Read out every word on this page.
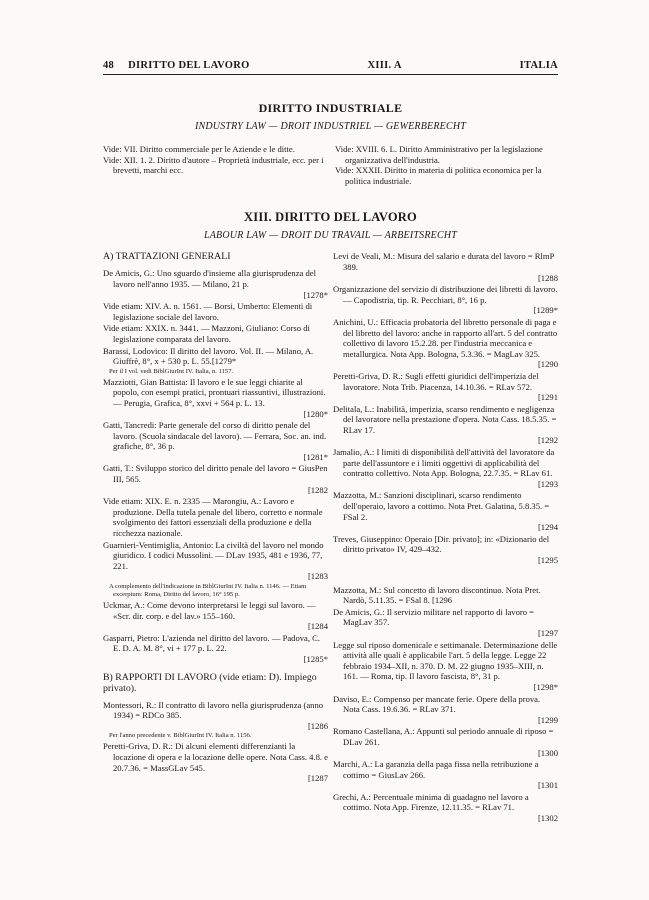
48 DIRITTO DEL LAVORO	XIII. A	ITALIA
DIRITTO INDUSTRIALE
INDUSTRY LAW — DROIT INDUSTRIEL — GEWERBERECHT

Vide: VII. Diritto commerciale per le Aziende e le ditte.

Vide: XII. 1. 2. Diritto d'autore – Proprietà industriale, ecc. per i brevetti, marchi ecc.

Vide: XVIII. 6. L. Diritto Amministrativo per la legislazione organizzativa dell'industria.

Vide: XXXII. Diritto in materia di politica economica per la politica industriale.

XIII. DIRITTO DEL LAVORO
LABOUR LAW — DROIT DU TRAVAIL — ARBEITSRECHT

A) TRATTAZIONI GENERALI

De Amicis, G.: Uno sguardo d'insieme alla giurisprudenza del lavoro nell'anno 1935. — Milano, 21 p.
[1278*

Vide etiam: XIV. A. n. 1561. — Borsi, Umberto: Elementi di legislazione sociale del lavoro.

Vide etiam: XXIX. n. 3441. — Mazzoni, Giuliano: Corso di legislazione comparata del lavoro.

Barassi, Lodovico: Il diritto del lavoro. Vol. II. — Milano, A. Giuffrè, 8°, x + 530 p. L. 55.[1279*

Per il I vol. vedi BiblGiurInt IV. Italia, n. 1157.

Mazziotti, Gian Battista: Il lavoro e le sue leggi chiarite al popolo, con esempi pratici, prontuari riassuntivi, illustrazioni. — Perugia, Grafica, 8°, xxvi + 564 p. L. 13.
[1280*

Gatti, Tancredi: Parte generale del corso di diritto penale del lavoro. (Scuola sindacale del lavoro). — Ferrara, Soc. an. ind. grafiche, 8°, 36 p.
[1281*

Gatti, T.: Sviluppo storico del diritto penale del lavoro = GiusPen III, 565.
[1282

Vide etiam: XIX. E. n. 2335 — Marongiu, A.: Lavoro e produzione. Della tutela penale del libero, corretto e normale svolgimento dei fattori essenziali della produzione e della ricchezza nazionale.

Guarnieri-Ventimiglia, Antonio: La civiltà del lavoro nel mondo giuridico. I codici Mussolini. — DLav 1935, 481 e 1936, 77, 221.
[1283

A complemento dell'indicazione in BiblGiurInt IV. Italia n. 1146. — Etiam excerptum: Roma, Diritto del lavoro, 16° 195 p.

Uckmar, A.: Come devono interpretarsi le leggi sul lavoro. — «Scr. dir. corp. e del lav.» 155–160.
[1284

Gasparri, Pietro: L'azienda nel diritto del lavoro. — Padova, C. E. D. A. M. 8°, vi + 177 p. L. 22.
[1285*

B) RAPPORTI DI LAVORO (vide etiam: D). Impiego privato).

Montessori, R.: Il contratto di lavoro nella giurisprudenza (anno 1934) = RDCo 385.
[1286

Per l'anno precedente v. BiblGiurInt IV. Italia n. 1156.

Peretti-Griva, D. R.: Di alcuni elementi differenzianti la locazione di opera e la locazione delle opere. Nota Cass. 4.8. e 20.7.36. = MassGLav 545.
[1287

Levi de Veali, M.: Misura del salario e durata del lavoro = RlmP 389.
[1288

Organizzazione del servizio di distribuzione dei libretti di lavoro. — Capodistria, tip. R. Pecchiari, 8°, 16 p.
[1289*

Anichini, U.: Efficacia probatoria del libretto personale di paga e del libretto del lavoro: anche in rapporto all'art. 5 del contratto collettivo di lavoro 15.2.28. per l'industria meccanica e metallurgica. Nota App. Bologna, 5.3.36. = MagLav 325.
[1290

Peretti-Griva, D. R.: Sugli effetti giuridici dell'imperizia del lavoratore. Nota Trib. Piacenza, 14.10.36. = RLav 572.
[1291

Delitala, L.: Inabilità, imperizia, scarso rendimento e negligenza del lavoratore nella prestazione d'opera. Nota Cass. 18.5.35. = RLav 17.
[1292

Jamalio, A.: I limiti di disponibilità dell'attività del lavoratore da parte dell'assuntore e i limiti oggettivi di applicabilità del contratto collettivo. Nota App. Bologna, 22.7.35. = RLav 61.
[1293

Mazzotta, M.: Sanzioni disciplinari, scarso rendimento dell'operaio, lavoro a cottimo. Nota Pret. Galatina, 5.8.35. = FSal 2.
[1294

Treves, Giuseppino: Operaio [Dir. privato]; in: «Dizionario del diritto privato» IV, 429–432.
[1295

Mazzotta, M.: Sul concetto di lavoro discontinuo. Nota Pret. Nardò, 5.11.35. = FSal 8. [1296

De Amicis, G.: Il servizio militare nel rapporto di lavoro = MagLav 357.
[1297

Legge sul riposo domenicale e settimanale. Determinazione delle attività alle quali è applicabile l'art. 5 della legge. Legge 22 febbraio 1934–XII, n. 370. D. M. 22 giugno 1935–XIII, n. 161. — Roma, tip. Il lavoro fascista, 8°, 31 p.
[1298*

Daviso, E.: Compenso per mancate ferie. Opere della prova. Nota Cass. 19.6.36. = RLav 371.
[1299

Romano Castellana, A.: Appunti sul periodo annuale di riposo = DLav 261.
[1300

Marchi, A.: La garanzia della paga fissa nella retribuzione a cottimo = GiusLav 266.
[1301

Grechi, A.: Percentuale minima di guadagno nel lavoro a cottimo. Nota App. Firenze, 12.11.35. = RLav 71.
[1302
